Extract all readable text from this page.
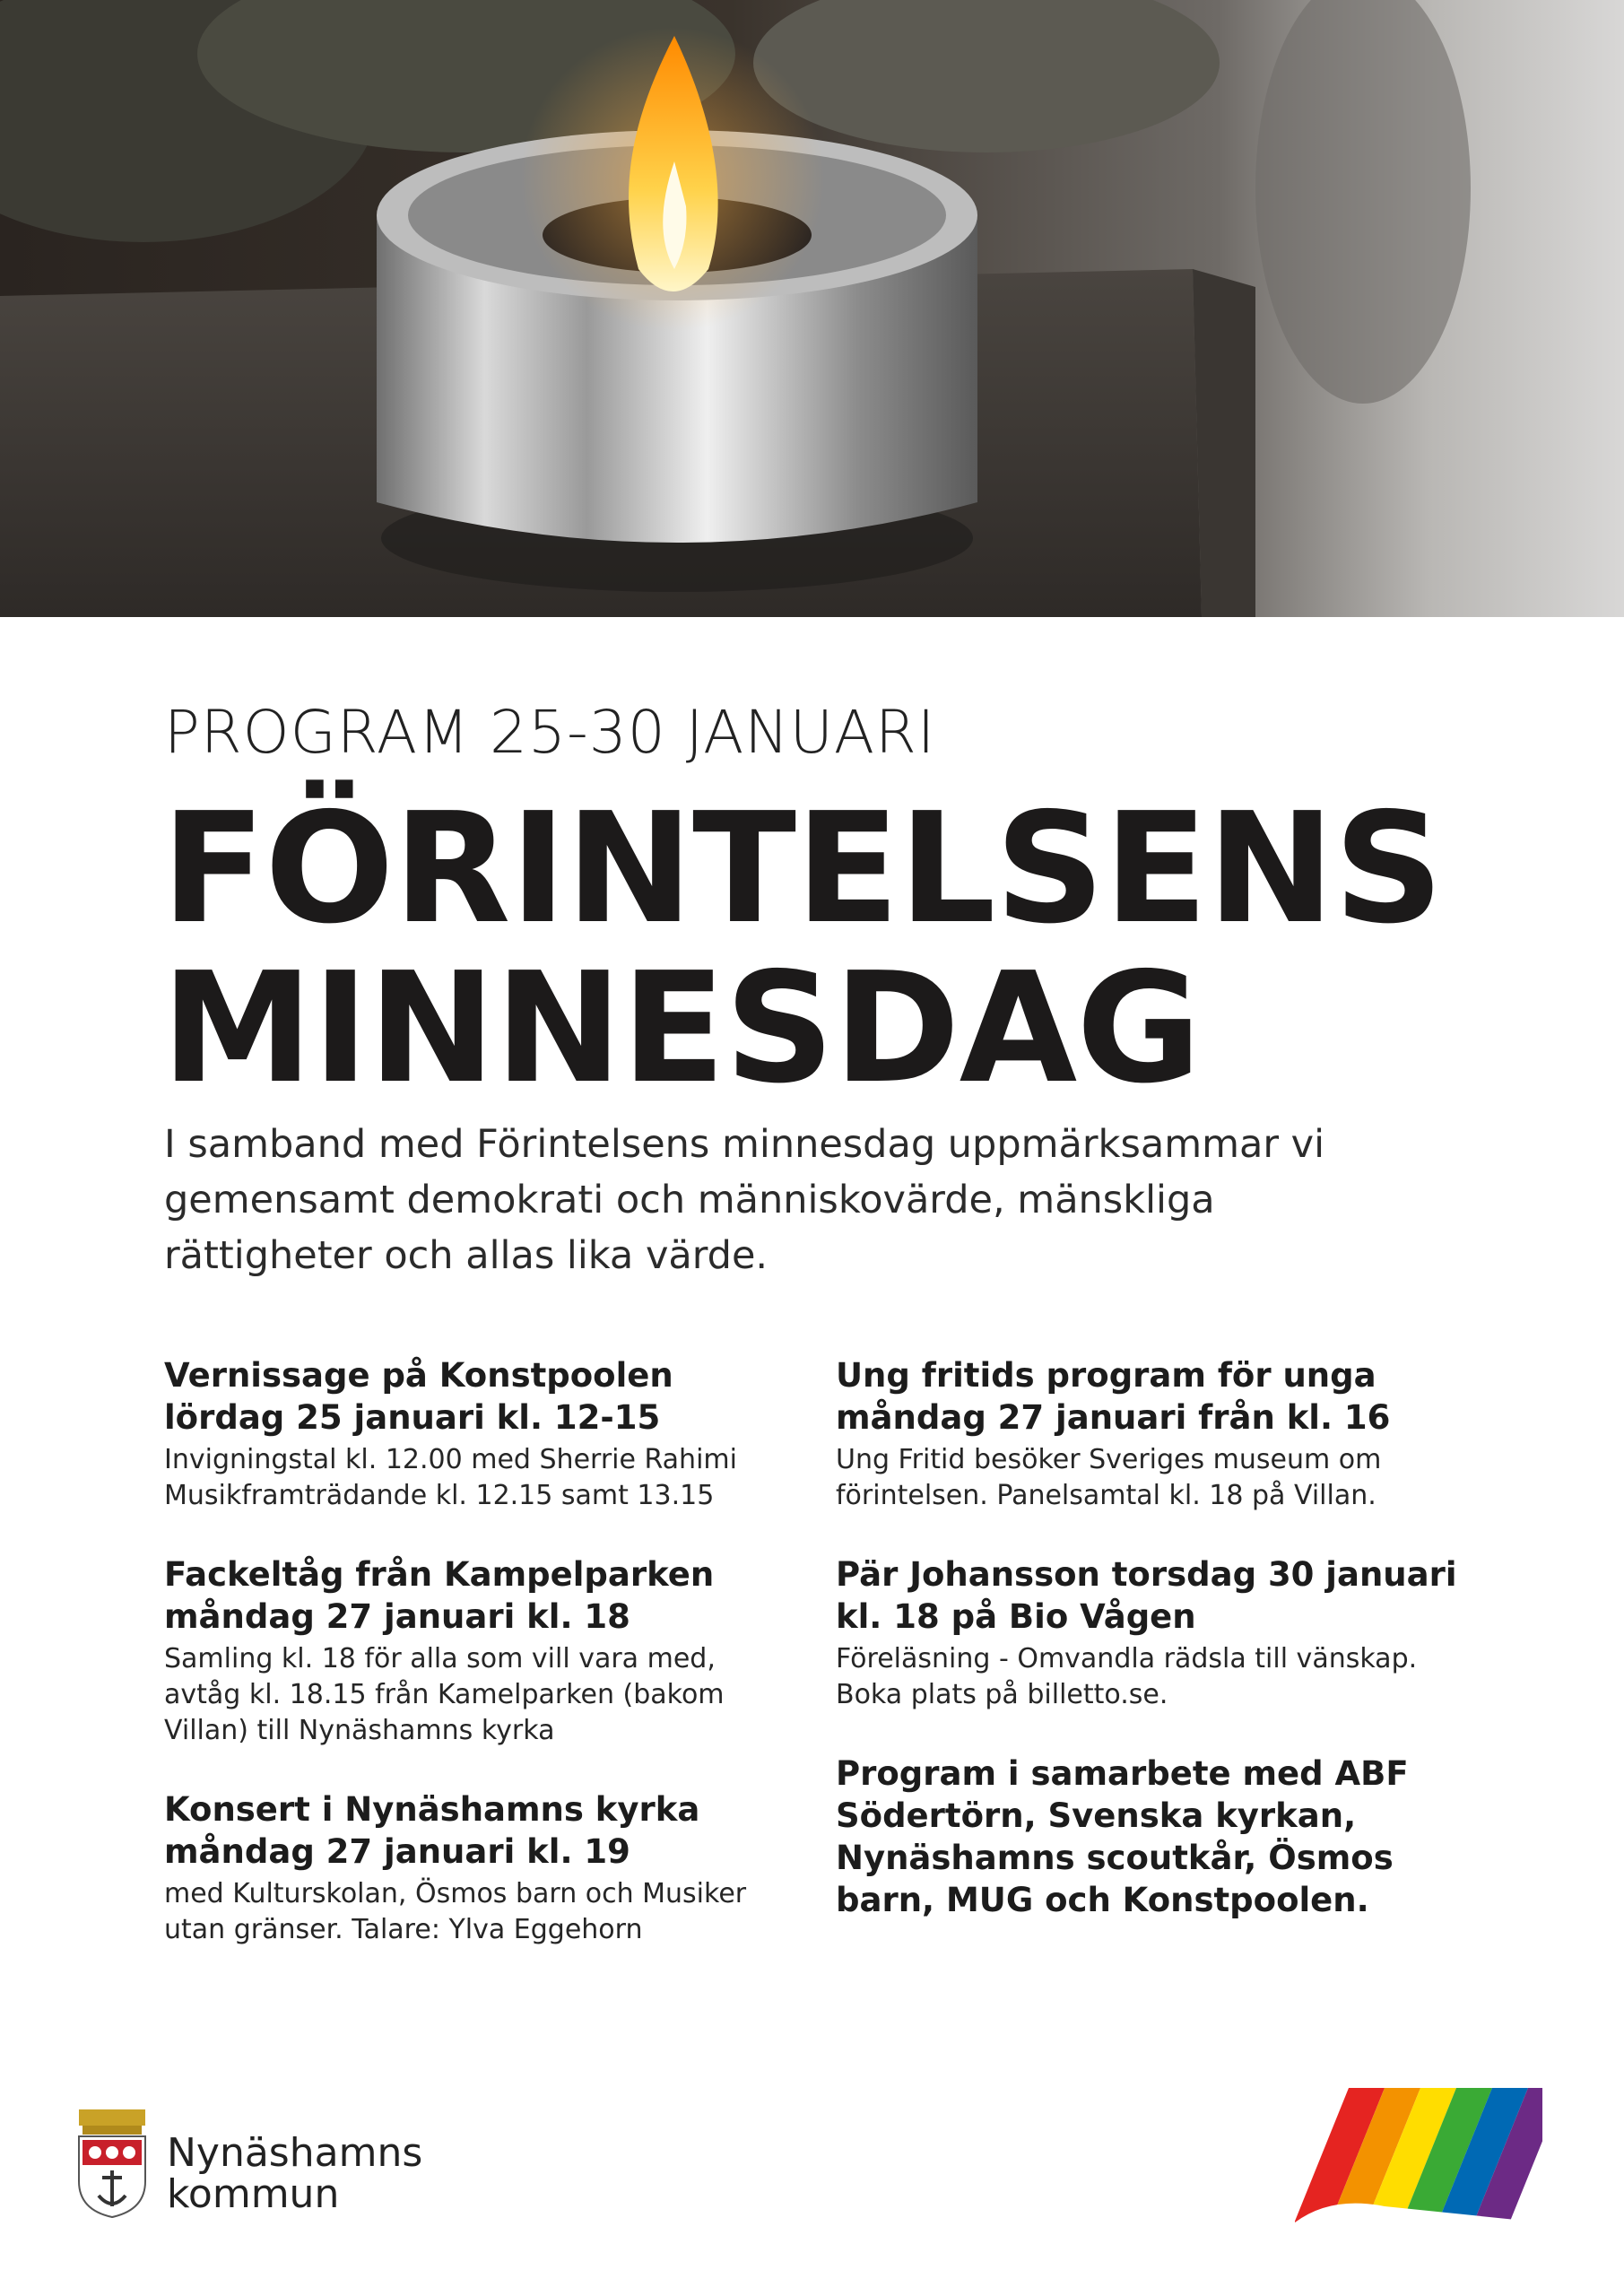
PROGRAM 25-30 JANUARI
FÖRINTELSENS
MINNESDAG
I samband med Förintelsens minnesdag uppmärksammar vi gemensamt demokrati och människovärde, mänskliga rättigheter och allas lika värde.
Vernissage på Konstpoolen
lördag 25 januari kl. 12-15
Invigningstal kl. 12.00 med Sherrie Rahimi
Musikframträdande kl. 12.15 samt 13.15
Fackeltåg från Kampelparken
måndag 27 januari kl. 18
Samling kl. 18 för alla som vill vara med,
avtåg kl. 18.15 från Kamelparken (bakom
Villan) till Nynäshamns kyrka
Konsert i Nynäshamns kyrka
måndag 27 januari kl. 19
med Kulturskolan, Ösmos barn och Musiker
utan gränser. Talare: Ylva Eggehorn
Ung fritids program för unga
måndag 27 januari från kl. 16
Ung Fritid besöker Sveriges museum om
förintelsen. Panelsamtal kl. 18 på Villan.
Pär Johansson torsdag 30 januari
kl. 18 på Bio Vågen
Föreläsning - Omvandla rädsla till vänskap.
Boka plats på billetto.se.
Program i samarbete med ABF
Södertörn, Svenska kyrkan,
Nynäshamns scoutkår, Ösmos
barn, MUG och Konstpoolen.
Nynäshamns
kommun
